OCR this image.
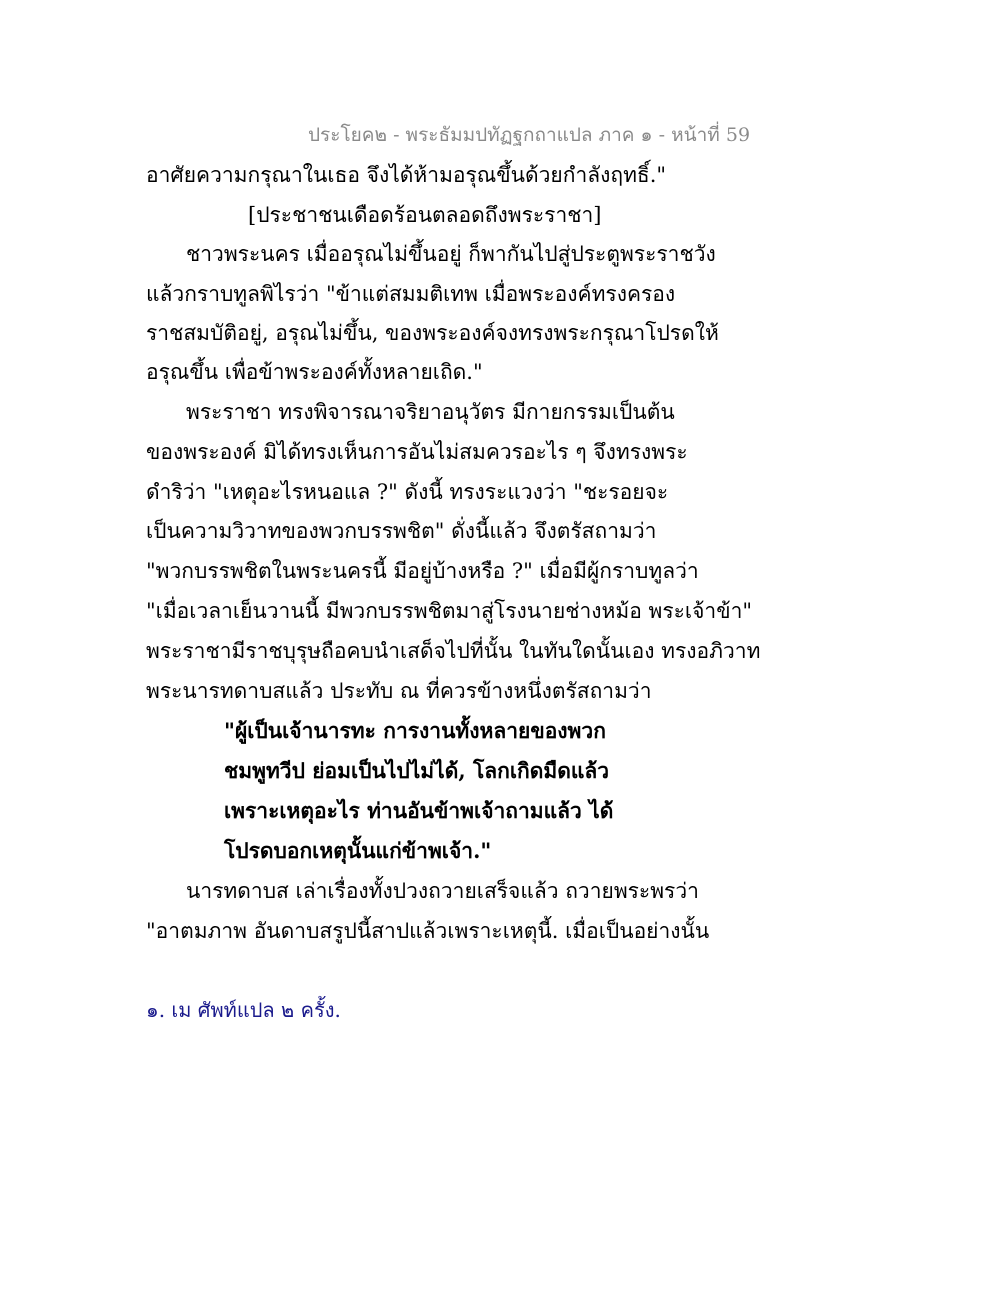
ประโยค๒ - พระธัมมปทัฏฐกถาแปล ภาค ๑ - หน้าที่ 59
อาศัยความกรุณาในเธอ จึงได้ห้ามอรุณขึ้นด้วยกำลังฤทธิ์."
[ประชาชนเดือดร้อนตลอดถึงพระราชา]
ชาวพระนคร เมื่ออรุณไม่ขึ้นอยู่ ก็พากันไปสู่ประตูพระราชวัง
แล้วกราบทูลพิไรว่า "ข้าแต่สมมติเทพ เมื่อพระองค์ทรงครอง
ราชสมบัติอยู่, อรุณไม่ขึ้น, ของพระองค์จงทรงพระกรุณาโปรดให้
อรุณขึ้น เพื่อข้าพระองค์ทั้งหลายเถิด."
พระราชา ทรงพิจารณาจริยาอนุวัตร มีกายกรรมเป็นต้น
ของพระองค์ มิได้ทรงเห็นการอันไม่สมควรอะไร ๆ จึงทรงพระ
ดำริว่า "เหตุอะไรหนอแล ?" ดังนี้ ทรงระแวงว่า "ชะรอยจะ
เป็นความวิวาทของพวกบรรพชิต" ดั่งนี้แล้ว จึงตรัสถามว่า
"พวกบรรพชิตในพระนครนี้ มีอยู่บ้างหรือ ?" เมื่อมีผู้กราบทูลว่า
"เมื่อเวลาเย็นวานนี้ มีพวกบรรพชิตมาสู่โรงนายช่างหม้อ พระเจ้าข้า"
พระราชามีราชบุรุษถือคบนำเสด็จไปที่นั้น ในทันใดนั้นเอง ทรงอภิวาท
พระนารทดาบสแล้ว ประทับ ณ ที่ควรข้างหนึ่งตรัสถามว่า
"ผู้เป็นเจ้านารทะ การงานทั้งหลายของพวก
ชมพูทวีป ย่อมเป็นไปไม่ได้, โลกเกิดมืดแล้ว
เพราะเหตุอะไร ท่านอันข้าพเจ้าถามแล้ว ได้
โปรดบอกเหตุนั้นแก่ข้าพเจ้า."
นารทดาบส เล่าเรื่องทั้งปวงถวายเสร็จแล้ว ถวายพระพรว่า
"อาตมภาพ อันดาบสรูปนี้สาปแล้วเพราะเหตุนี้. เมื่อเป็นอย่างนั้น
๑. เม ศัพท์แปล ๒ ครั้ง.
